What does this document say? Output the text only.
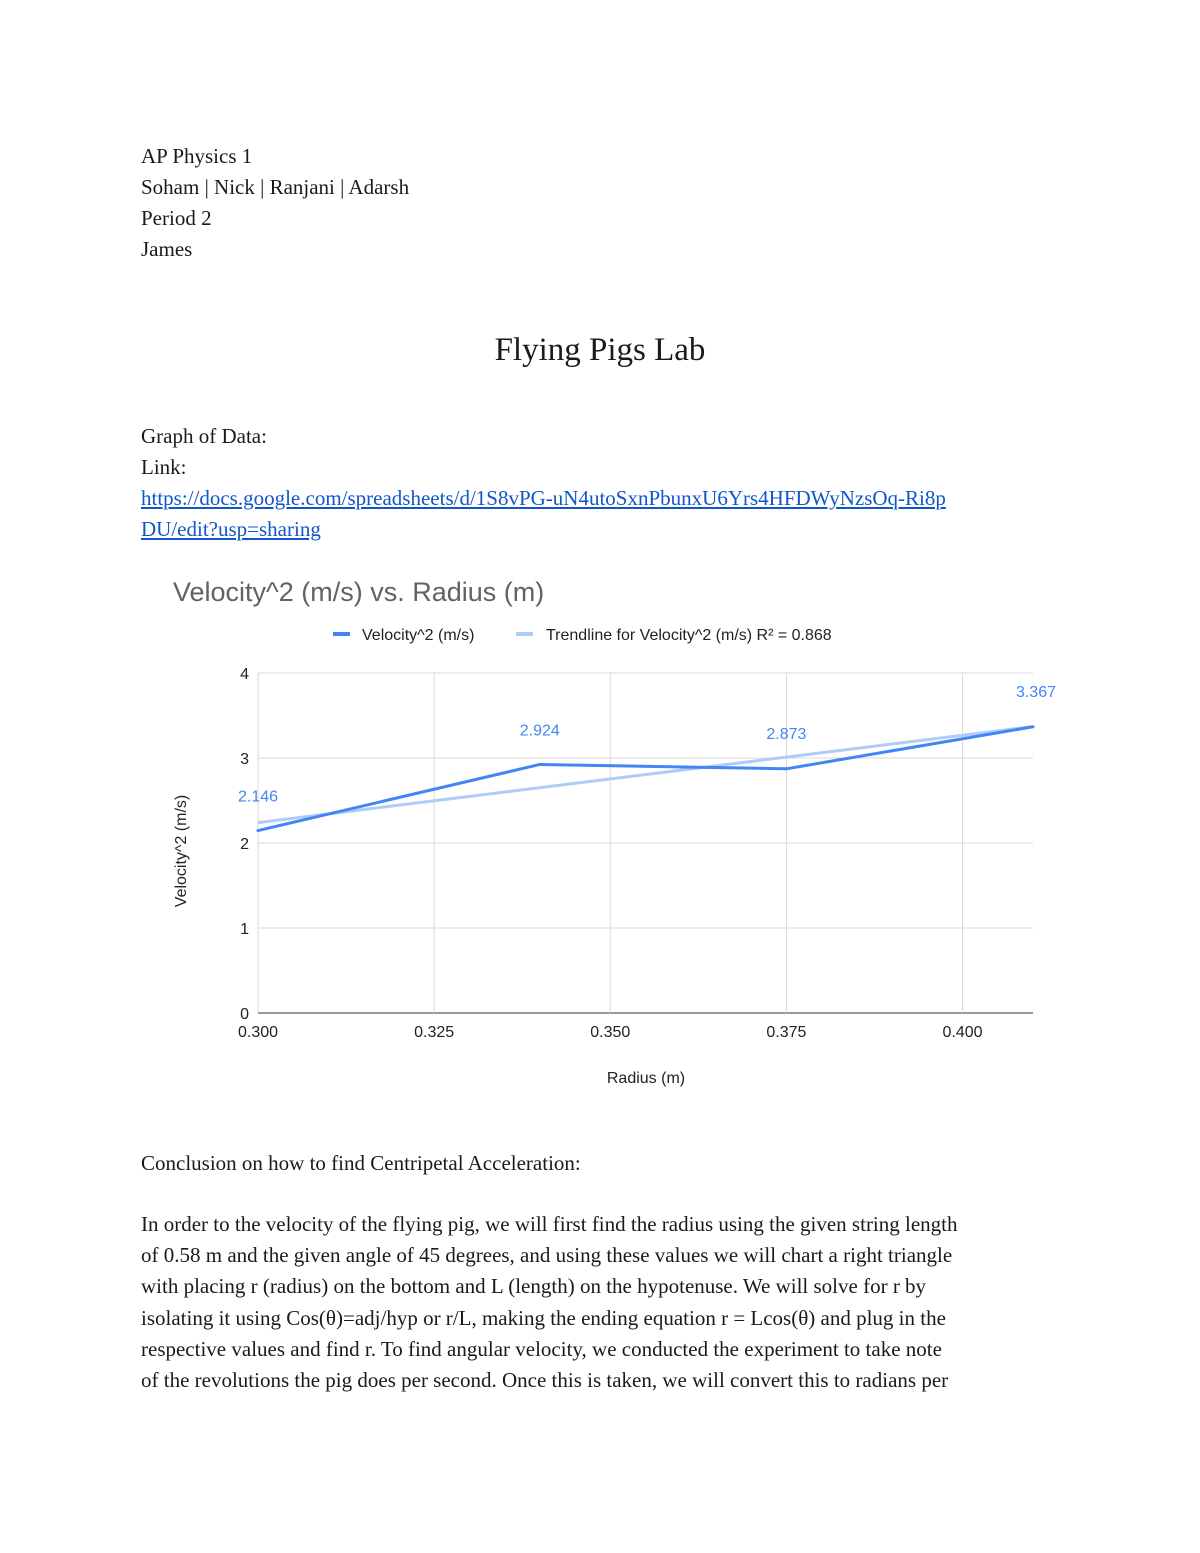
AP Physics 1
Soham | Nick | Ranjani | Adarsh
Period 2
James
Flying Pigs Lab
Graph of Data:
Link:
https://docs.google.com/spreadsheets/d/1S8vPG-uN4utoSxnPbunxU6Yrs4HFDWyNzsOq-Ri8p
DU/edit?usp=sharing
Velocity^2 (m/s) vs. Radius (m)
Velocity^2 (m/s)	Trendline for Velocity^2 (m/s) R² = 0.868
Radius (m)
Velocity^2 (m/s)
0
1
2
3
4
0.300	0.325	0.350	0.375	0.400
2.146
2.924	2.873
3.367
Conclusion on how to find Centripetal Acceleration:
In order to the velocity of the flying pig, we will first find the radius using the given string length
of 0.58 m and the given angle of 45 degrees, and using these values we will chart a right triangle
with placing r (radius) on the bottom and L (length) on the hypotenuse. We will solve for r by
isolating it using Cos(θ)=adj/hyp or r/L, making the ending equation r = Lcos(θ) and plug in the
respective values and find r. To find angular velocity, we conducted the experiment to take note
of the revolutions the pig does per second. Once this is taken, we will convert this to radians per
